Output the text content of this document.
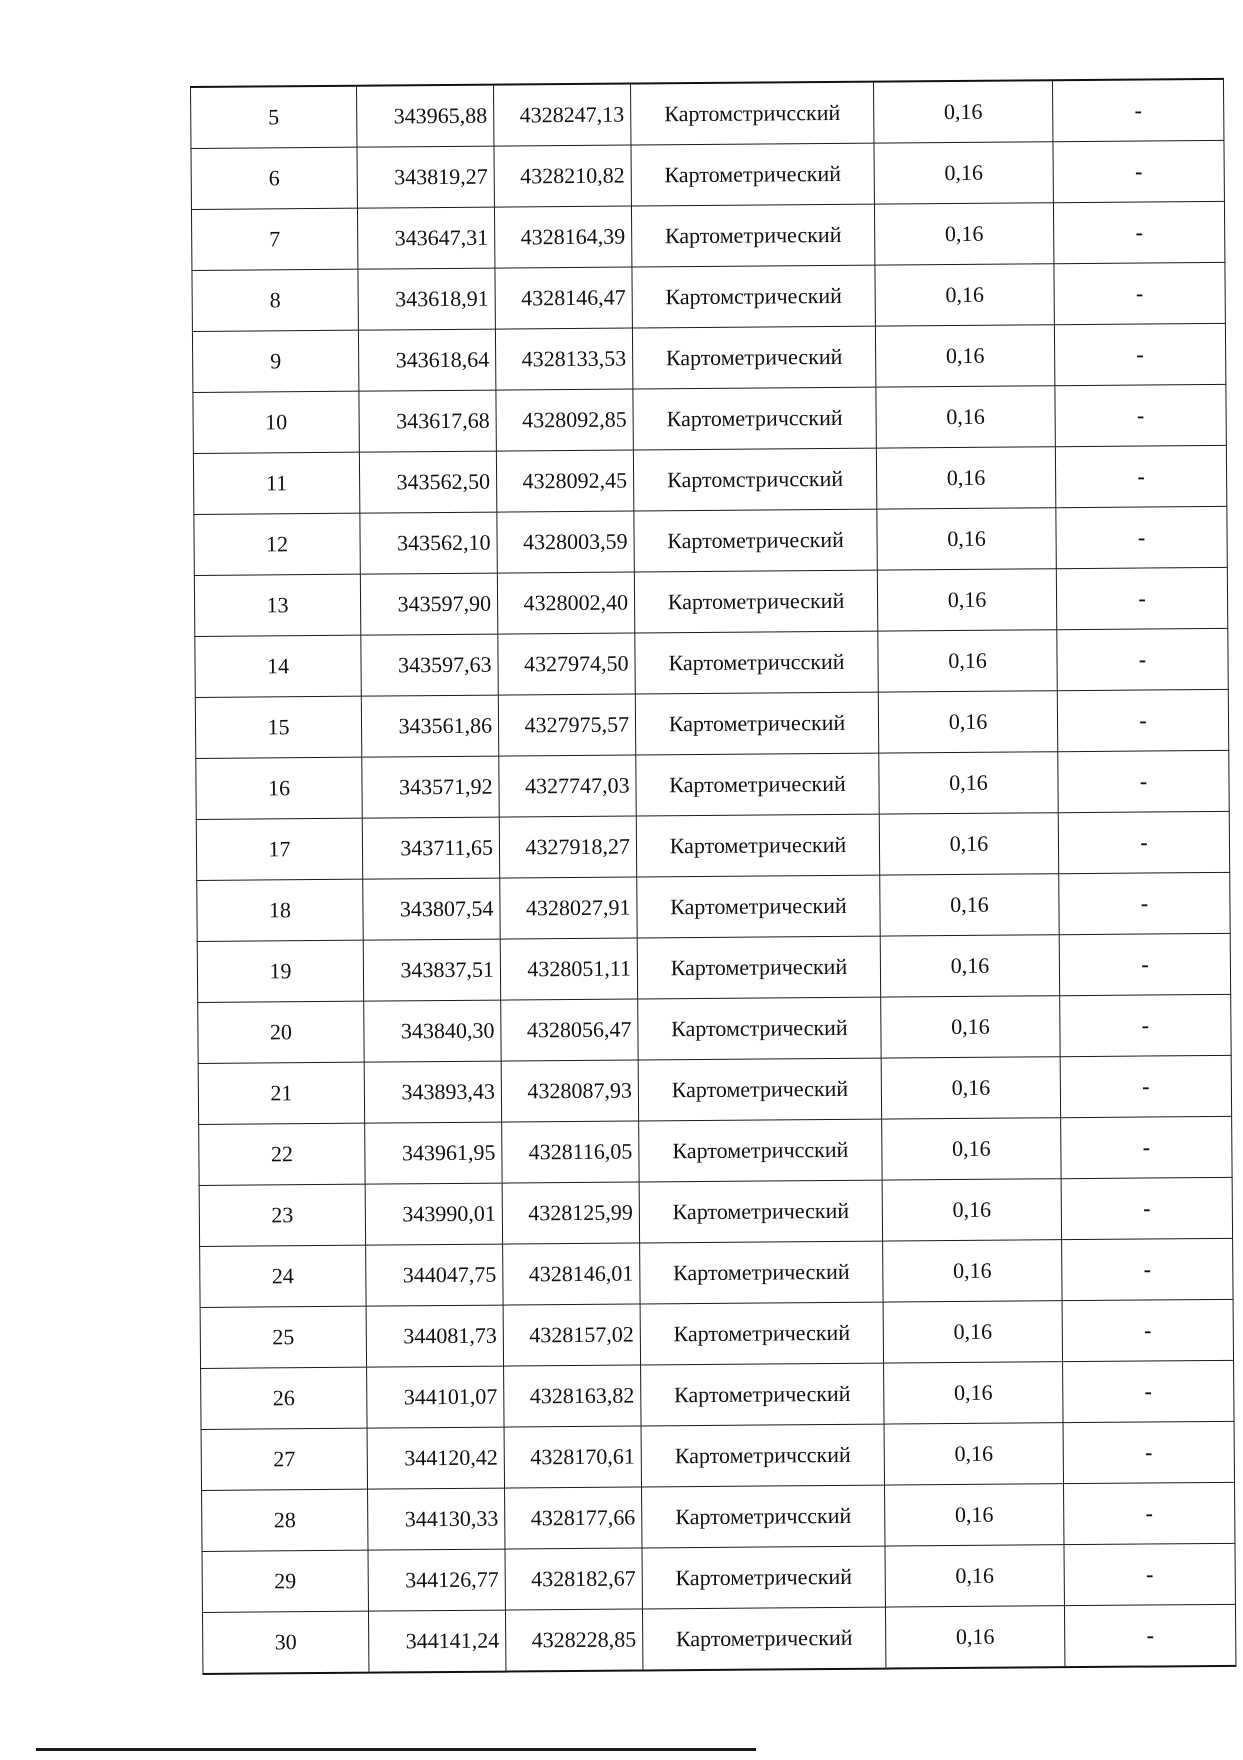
5	343965,88	4328247,13	Картомстричсский	0,16	-
6	343819,27	4328210,82	Картометрический	0,16	-
7	343647,31	4328164,39	Картометрический	0,16	-
8	343618,91	4328146,47	Картомстрический	0,16	-
9	343618,64	4328133,53	Картометрический	0,16	-
10	343617,68	4328092,85	Картометричсский	0,16	-
11	343562,50	4328092,45	Картомстричсский	0,16	-
12	343562,10	4328003,59	Картометрический	0,16	-
13	343597,90	4328002,40	Картометрический	0,16	-
14	343597,63	4327974,50	Картометричсский	0,16	-
15	343561,86	4327975,57	Картометрический	0,16	-
16	343571,92	4327747,03	Картометрический	0,16	-
17	343711,65	4327918,27	Картометрический	0,16	-
18	343807,54	4328027,91	Картометрический	0,16	-
19	343837,51	4328051,11	Картометрический	0,16	-
20	343840,30	4328056,47	Картомстрический	0,16	-
21	343893,43	4328087,93	Картометрический	0,16	-
22	343961,95	4328116,05	Картометричсский	0,16	-
23	343990,01	4328125,99	Картометрический	0,16	-
24	344047,75	4328146,01	Картометрический	0,16	-
25	344081,73	4328157,02	Картометрический	0,16	-
26	344101,07	4328163,82	Картометрический	0,16	-
27	344120,42	4328170,61	Картометричсский	0,16	-
28	344130,33	4328177,66	Картометричсский	0,16	-
29	344126,77	4328182,67	Картометрический	0,16	-
30	344141,24	4328228,85	Картометрический	0,16	-
